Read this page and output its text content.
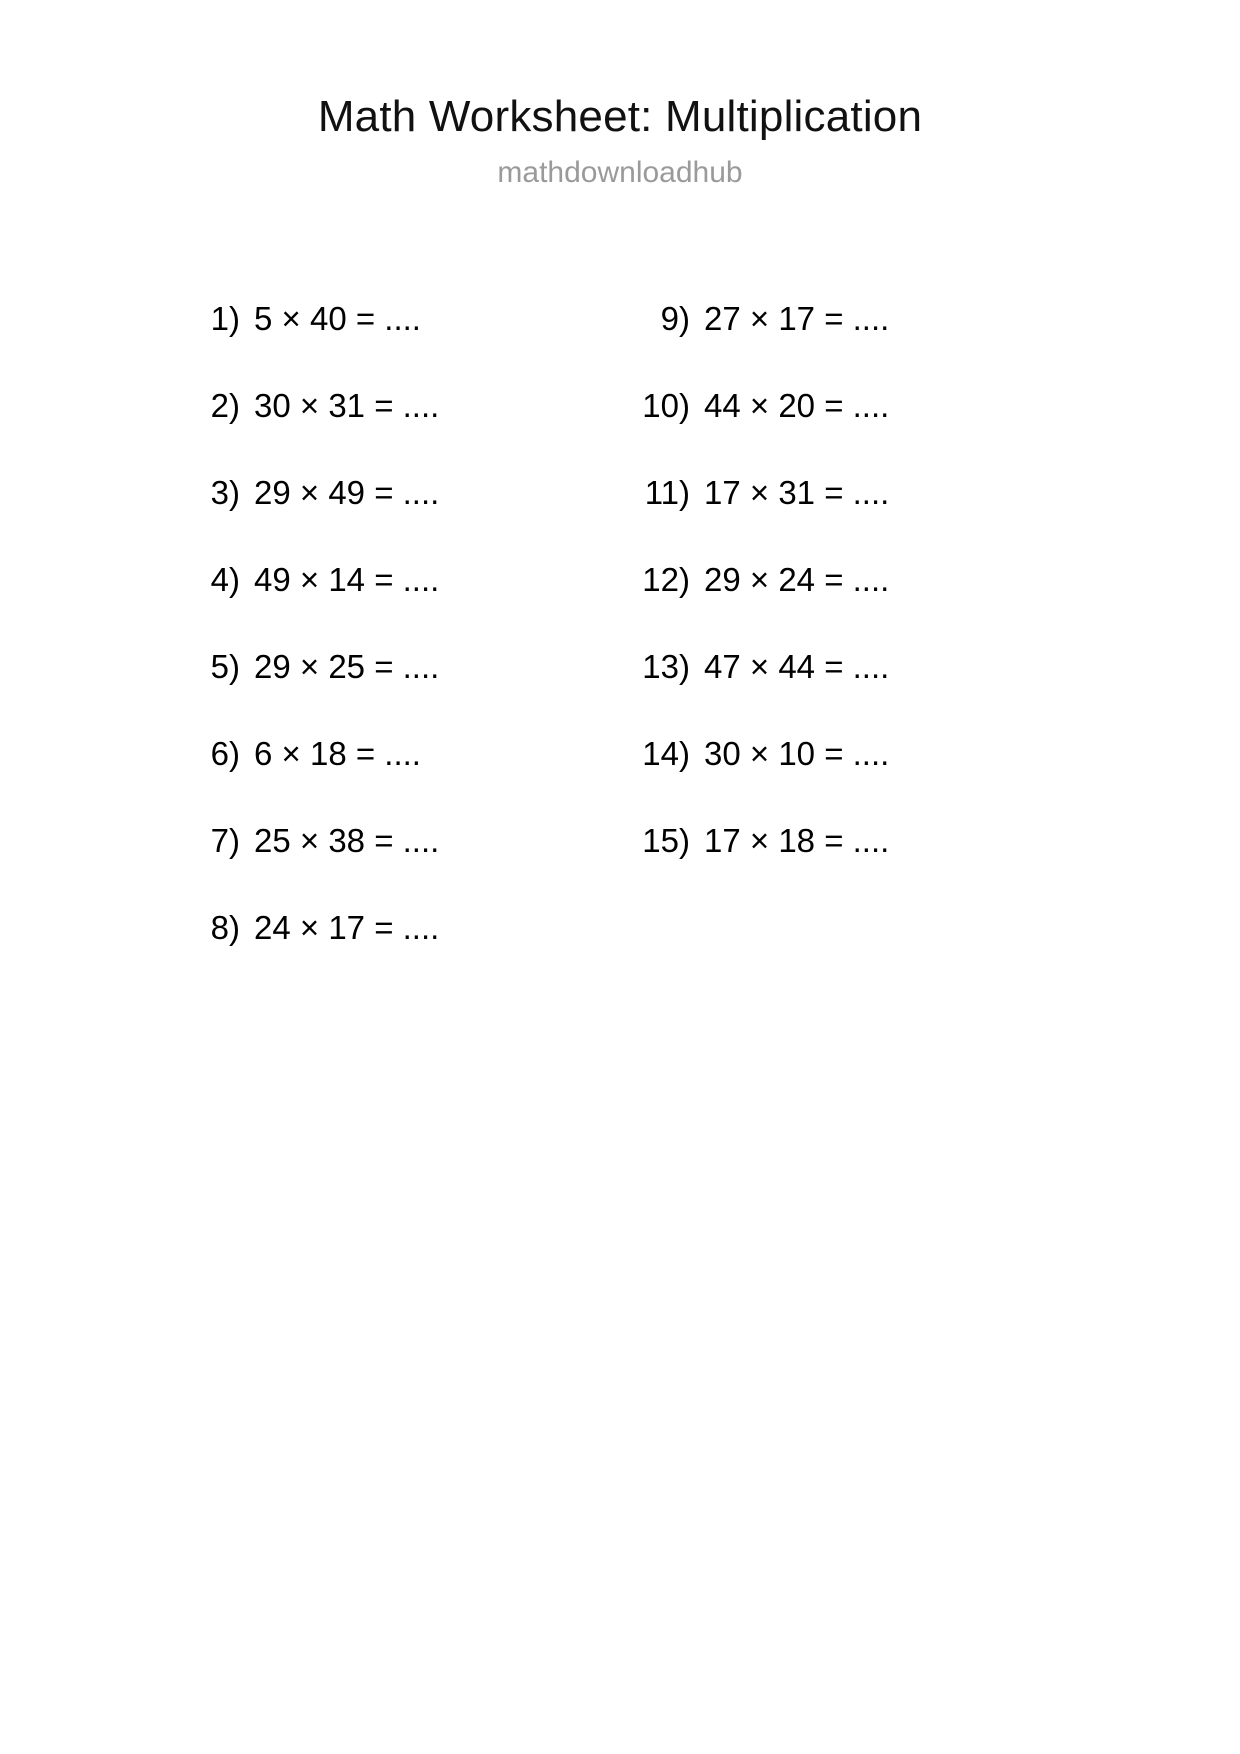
Math Worksheet: Multiplication
mathdownloadhub
1) 5 × 40 = ....
2) 30 × 31 = ....
3) 29 × 49 = ....
4) 49 × 14 = ....
5) 29 × 25 = ....
6) 6 × 18 = ....
7) 25 × 38 = ....
8) 24 × 17 = ....
9) 27 × 17 = ....
10) 44 × 20 = ....
11) 17 × 31 = ....
12) 29 × 24 = ....
13) 47 × 44 = ....
14) 30 × 10 = ....
15) 17 × 18 = ....
